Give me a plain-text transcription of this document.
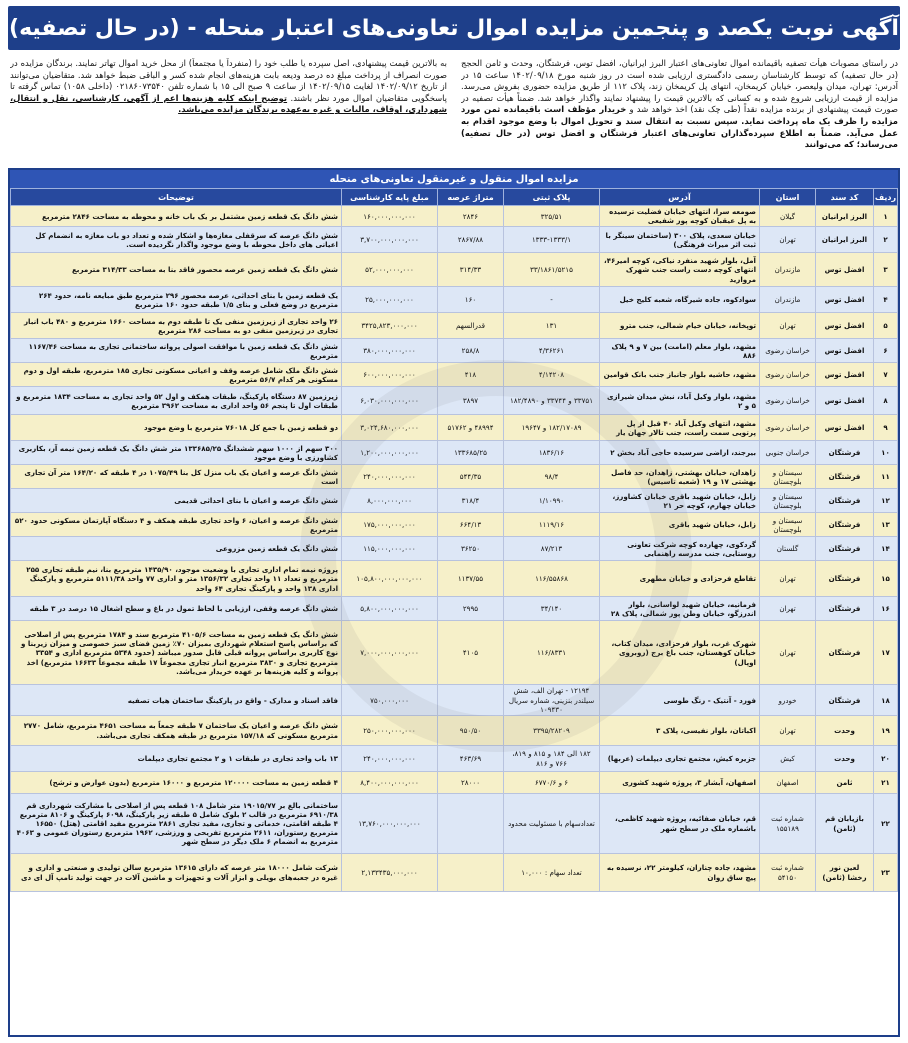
آگهی نوبت یکصد و پنجمین مزایده اموال تعاونی‌های اعتبار منحله - (در حال تصفیه)
در راستای مصوبات هیأت تصفیه باقیمانده اموال تعاونی‌های اعتبار البرز ایرانیان، افضل توس، فرشتگان، وحدت و ثامن الحجج (در حال تصفیه) که توسط کارشناسان رسمی دادگستری ارزیابی شده است در روز شنبه مورخ ۱۴۰۲/۰۹/۱۸ ساعت ۱۵ در آدرس: تهران، میدان ولیعصر، خیابان کریمخان، انتهای پل کریمخان زند، پلاک ۱۱۲ از طریق مزایده حضوری بفروش می‌رسد. مزایده از قیمت ارزیابی شروع شده و به کسانی که بالاترین قیمت را پیشنهاد نمایند واگذار خواهد شد. ضمناً هیأت تصفیه در صورت قیمت پیشنهادی از برنده مزایده نقداً (طی چک نقد) اخذ خواهد شد و خریدار مؤظف است باقیمانده ثمن مورد مزایده را ظرف یک ماه پرداخت نماید. سپس نسبت به انتقال سند و تحویل اموال با وضع موجود اقدام به عمل می‌آید. ضمناً به اطلاع سپرده‌گذاران تعاونی‌های اعتبار فرشتگان و افضل توس (در حال تصفیه) می‌رساند؛ که می‌توانند
به بالاترین قیمت پیشنهادی، اصل سپرده یا طلب خود را (منفرداً یا مجتمعاً) از محل خرید اموال تهاتر نمایند. برندگان مزایده در صورت انصراف از پرداخت مبلغ ده درصد ودیعه بابت هزینه‌های انجام شده کسر و الباقی ضبط خواهد شد. متقاضیان می‌توانند از تاریخ ۱۴۰۲/۰۹/۱۲ لغایت ۱۴۰۲/۰۹/۱۵ از ساعت ۹ صبح الی ۱۵ با شماره تلفن ۰۲۱۸۶۰۷۳۵۴۰ (داخلی ۱۰۵۸) تماس گرفته تا پاسخگویی متقاضیان اموال مورد نظر باشند. توضیح اینکه کلیه هزینه‌ها اعم از آگهی، کارشناسی، نقل و انتقال، شهرداری، اوقاف، مالیات و غیره به‌عهده برندگان مزایده می‌باشد.
مزایده اموال منقول و غیرمنقول تعاونی‌های منحله
ردیف	کد سند	استان	آدرس	پلاک ثبتی	متراژ عرصه	مبلغ پایه کارشناسی	توضیحات
۱	البرز ایرانیان	گیلان	صومعه سرا، انتهای خیابان فضلیت ترسیده به پل عیقبان کوچه پور شفیعی	۳۲۵/۵۱	۲۸۴۶	۱۶۰,۰۰۰,۰۰۰,۰۰۰	شش دانگ یک قطعه زمین مشتمل بر یک باب خانه و محوطه به مساحت ۲۸۴۶ مترمربع
۲	البرز ایرانیان	تهران	خیابان سعدی، پلاک ۳۰۰ (ساختمان سینگر با ثبت اثر میراث فرهنگی)	۱۳۳۳-۱۳۳۳/۱	۲۸۶۷/۸۸	۳,۷۰۰,۰۰۰,۰۰۰,۰۰۰	شش دانگ عرصه که سرقفلی مغازه‌ها و اشکار شده و تعداد دو باب مغازه به انضمام کل اعیانی های داخل محوطه با وضع موجود واگذار نگردیده است.
۳	افضل توس	مازندران	آمل، بلوار شهید منفرد نیاکی، کوچه امیر۴۶، انتهای کوچه دست راست جنب شهرک مروارید	۳۳/۱۸۶۱/۵۲۱۵	۳۱۴/۳۳	۵۲,۰۰۰,۰۰۰,۰۰۰	شش دانگ یک قطعه زمین عرصه محصور فاقد بنا به مساحت ۳۱۴/۳۳ مترمربع
۴	افضل توس	مازندران	سوادکوه، جاده شیرگاه، شعبه کلیج خیل	-	۱۶۰	۲۵,۰۰۰,۰۰۰,۰۰۰	یک قطعه زمین با بنای احداثی، عرصه محصور ۲۹۶ مترمربع طبق مبایعه نامه، حدود ۲۶۴ مترمربع در وضع فعلی و بنای ۱/۵ طبقه حدود ۱۶۰ مترمربع
۵	افضل توس	تهران	توپخانه، خیابان خیام شمالی، جنب مترو	۱۳۱	قدرالسهم	۳۴۲۵,۸۲۳,۰۰۰,۰۰۰	۲۶ واحد تجاری از زیرزمین منفی یک تا طبقه دوم به مساحت ۱۶۶۰ مترمربع و ۴۸۰ باب انبار تجاری در زیرزمین منفی دو به مساحت ۲۸۶ مترمربع
۶	افضل توس	خراسان رضوی	مشهد، بلوار معلم (امامت) بین ۷ و ۹ پلاک ۸۸۶	۴/۳۶۲۶۱	۲۵۸/۸	۳۸۰,۰۰۰,۰۰۰,۰۰۰	شش دانگ یک قطعه زمین با موافقت اصولی پروانه ساختمانی تجاری به مساحت ۱۱۶۷/۴۶ مترمربع
۷	افضل توس	خراسان رضوی	مشهد، حاشیه بلوار جانباز جنب بانک قوامین	۴/۱۴۲۰۸	۴۱۸	۶۰۰,۰۰۰,۰۰۰,۰۰۰	شش دانگ ملک شامل عرصه وقف و اعیانی مسکونی تجاری ۱۸۵ مترمربع، طبقه اول و دوم مسکونی هر کدام ۵۶/۷ مترمربع
۸	افضل توس	خراسان رضوی	مشهد، بلوار وکیل آباد، نبش میدان شیرازی ۵ و ۲	۳۳۷۵۱ و ۳۳۷۴۴ و ۱۸۲/۴۸۹۰	۳۸۹۷	۶,۰۳۰,۰۰۰,۰۰۰,۰۰۰	زیرزمین ۸۷ دستگاه پارکینگ، طبقات همکف و اول ۵۲ واحد تجاری به مساحت ۱۸۳۴ مترمربع و طبقات اول تا پنجم ۵۶ واحد اداری به مساحت ۳۹۶۲ مترمربع
۹	افضل توس	خراسان رضوی	مشهد، انتهای وکیل آباد ۴۰ قبل از پل پرتویی سمت راست، جنب تالار جهان یار	۱۸۲/۱۷۰۸۹ و ۱۹۶۴۷	۴۸۹۹۴ و ۵۱۷۶۲	۳,۰۲۴,۶۸۰,۰۰۰,۰۰۰	دو قطعه زمین با جمع کل ۷۶۰۱۸ مترمربع با وضع موجود
۱۰	فرشتگان	خراسان جنوبی	بیرجند، اراضی سرسیده حاجی آباد بخش ۲	۱۸۳۶/۱۶	۱۳۳۶۸۵/۲۵	۱,۲۰۰,۰۰۰,۰۰۰,۰۰۰	۳۰۰ سهم از ۱۰۰۰ سهم ششدانگ ۱۳۳۶۸۵/۲۵ متر شش دانگ یک قطعه زمین نیمه آر، بکاربری کشاورزی با وضع موجود
۱۱	فرشتگان	سیستان و بلوچستان	زاهدان، خیابان بهشتی، زاهدان، حد فاصل بهشتی ۱۷ و ۱۹ (شعبه تاسیس)	۹۸/۴	۵۴۴/۳۵	۲۴۰,۰۰۰,۰۰۰,۰۰۰	شش دانگ عرصه و اعیان یک باب منزل کل بنا ۱۰۷۵/۴۹ در ۴ طبقه که ۱۶۴/۲۰ متر آن تجاری است
۱۲	فرشتگان	سیستان و بلوچستان	زابل، خیابان شهید باقری خیابان کشاورز، خیابان چهارم، کوچه حر ۲۱	۱/۱۰۹۹۰	۳۱۸/۴	۸,۰۰۰,۰۰۰,۰۰۰	شش دانگ عرصه و اعیان با بنای احداثی قدیمی
۱۳	فرشتگان	سیستان و بلوچستان	زابل، خیابان شهید باقری	۱۱۱۹/۱۶	۶۶۴/۱۳	۱۷۵,۰۰۰,۰۰۰,۰۰۰	شش دانگ عرصه و اعیان، ۶ واحد تجاری طبقه همکف و ۴ دستگاه آپارتمان مسکونی حدود ۵۲۰ مترمربع
۱۴	فرشتگان	گلستان	گردکوی، چهارده کوچه شرکت تعاونی روستایی، جنب مدرسه راهنمایی	۸۷/۲۱۳	۳۶۲۵۰	۱۱۵,۰۰۰,۰۰۰,۰۰۰	شش دانگ یک قطعه زمین مزروعی
۱۵	فرشتگان	تهران	تقاطع فرحزادی و خیابان مطهری	۱۱۶/۵۵۸۶۸	۱۱۳۷/۵۵	۱۰۵,۸۰۰,۰۰۰,۰۰۰,۰۰۰	پروژه نیمه تمام اداری تجاری با وضعیت موجود، ۱۴۳۵/۹۰ مترمربع بنا، نیم طبقه تجاری ۲۵۵ مترمربع و تعداد ۱۱ واحد تجاری ۱۳۵۶/۳۲ متر و اداری ۷۷ واحد ۵۱۱۱/۳۸ مترمربع و پارکینگ اداری ۱۳۸ واحد و پارکینگ تجاری ۶۴ واحد
۱۶	فرشتگان	تهران	فرمانیه، خیابان شهید لواسانی، بلوار اندرزگو، خیابان وطن پور شمالی، پلاک ۲۸	۳۴/۱۴۰	۲۹۹۵	۵,۸۰۰,۰۰۰,۰۰۰,۰۰۰	شش دانگ عرصه وقفی، ارزیابی با لحاظ تمول در باغ و سطح اشغال ۱۵ درصد در ۳ طبقه
۱۷	فرشتگان	تهران	شهرک غرب، بلوار فرحزادی، میدان کتاب، خیابان کوهستان، جنب باغ برج (روبروی اوپال)	۱۱۶/۸۳۳۱	۴۱۰۵	۷,۰۰۰,۰۰۰,۰۰۰,۰۰۰	شش دانگ یک قطعه زمین به مساحت ۴۱۰۵/۶ مترمربع سند و ۱۷۸۴ مترمربع پس از اصلاحی که براساس پاسخ استعلام شهرداری بمیزان ۷۰٪ زمین فضای سبز خصوصی و میزان زیربنا و نوع کاربری براساس پروانه قبلی قابل صدور میباشد (حدود ۵۳۴۸ مترمربع اداری و ۳۳۵۴ مترمربع تجاری و ۳۸۳۰ مترمربع انبار تجاری مجموعاً ۱۷ طبقه مجموعاً ۱۶۶۳۳ مترمربع) اخذ پروانه و کلیه هزینه‌ها بر عهده خریدار می‌باشد.
۱۸	فرشتگان	خودرو	فورد - آنتیک - رنگ طوسی	۱۲۱۹۴ - تهران الف، شش سیلندر بنزینی، شماره سریال ۱۰۹۴۳۰		۷۵۰,۰۰۰,۰۰۰	فاقد اسناد و مدارک - واقع در پارکینگ ساختمان هیات تصفیه
۱۹	وحدت	تهران	اکباتان، بلوار نفیسی، پلاک ۳	۳۳۹۵/۲۸۲۰۹	۹۵۰/۵۰	۲۵۰,۰۰۰,۰۰۰,۰۰۰	شش دانگ عرصه و اعیان یک ساختمان ۷ طبقه جمعاً به مساحت ۴۶۵۱ مترمربع، شامل ۲۷۷۰ مترمربع مسکونی که ۱۵۷/۱۸ مترمربع در طبقه همکف تجاری می‌باشد.
۲۰	وحدت	کیش	جزیره کیش، مجتمع تجاری دیپلمات (عربها)	۱۸۲ الی ۱۸۴ و ۸۱۵ و ۸۱۹، ۷۶۶ و ۸۱۶	۴۶۳/۶۹	۲۴۰,۰۰۰,۰۰۰,۰۰۰	۱۳ باب واحد تجاری در طبقات ۱ و ۲ مجتمع تجاری دیپلمات
۲۱	ثامن	اصفهان	اصفهان، آبشار ۳، پروژه شهید کشوری	۶ و ۶۷۷۰/۶	۲۸۰۰۰	۸,۴۰۰,۰۰۰,۰۰۰,۰۰۰	۴ قطعه زمین به مساحت ۱۲۰۰۰۰ مترمربع و ۱۶۰۰۰ مترمربع (بدون عوارض و ترشح)
۲۲	بازیابان قم (ثامن)	شماره ثبت ۱۵۵۱۸۹	قم، خیابان صفائیه، پروژه شهید کاظمی، باشماره ملک در سطح شهر	تعدادسهام با مسئولیت محدود		۱۳,۷۶۰,۰۰۰,۰۰۰,۰۰۰	ساختمانی بالغ بر ۱۹۰۱۵/۷۷ متر شامل ۱۰۸ قطعه پس از اصلاحی با مشارکت شهرداری قم ۶۹۱۰/۳۸ مترمربع در قالب ۲ بلوک شامل ۵ طبقه زیر پارکینگ، ۶۰۹۸ پارکینگ و ۸۱۰۶ مترمربع ۴ طبقه اقامتی، خدماتی و تجاری، مفید تجاری ۲۸۶۱ مترمربع مفید اقامتی (هتل) ۱۶۵۵۰ مترمربع رستوران، ۲۶۱۱ مترمربع تفریحی و ورزشی، ۱۹۶۲ مترمربع رستوران عمومی و ۴۰۶۳ مترمربع به انضمام ۶ ملک دیگر در سطح شهر
۲۳	لعین نور رخشا (ثامن)	شماره ثبت ۵۴۱۵۰	مشهد، جاده چناران، کیلومتر ۲۲، نرسیده به پیچ ساق روان	تعداد سهام : ۱۰,۰۰۰		۲,۱۳۳۴۳۵,۰۰۰,۰۰۰	شرکت شامل ۱۸۰۰۰ متر عرصه که دارای ۱۳۶۱۵ مترمربع سالن تولیدی و صنعتی و اداری و غیره در جعبه‌های بویلی و ابزار آلات و تجهیزات و ماشین آلات در جهت تولید تامپ آل ای دی
